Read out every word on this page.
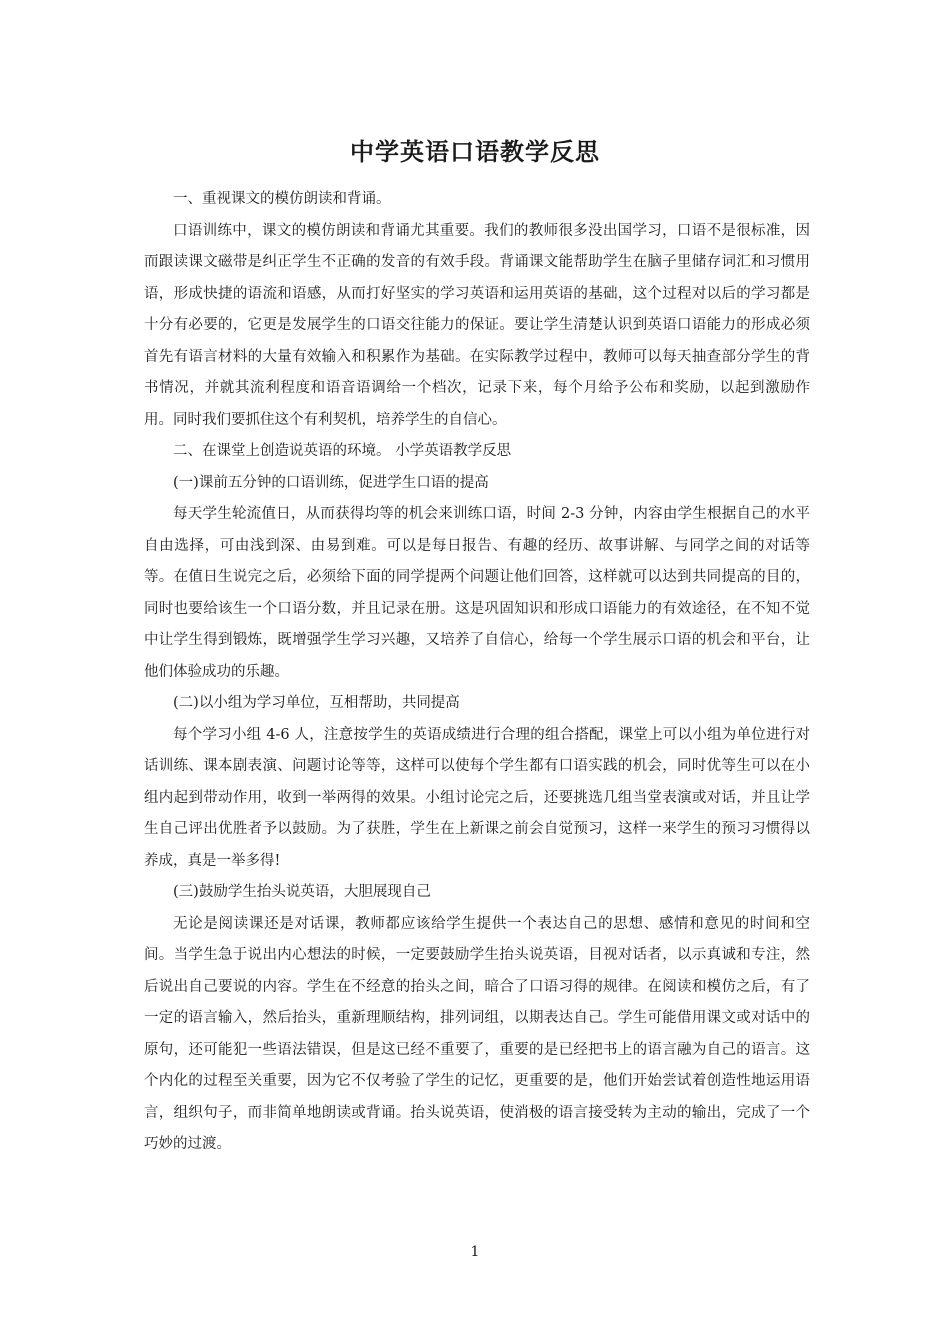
中学英语口语教学反思

一、重视课文的模仿朗读和背诵。

口语训练中，课文的模仿朗读和背诵尤其重要。我们的教师很多没出国学习，口语不是很标准，因而跟读课文磁带是纠正学生不正确的发音的有效手段。背诵课文能帮助学生在脑子里储存词汇和习惯用语，形成快捷的语流和语感，从而打好坚实的学习英语和运用英语的基础，这个过程对以后的学习都是十分有必要的，它更是发展学生的口语交往能力的保证。要让学生清楚认识到英语口语能力的形成必须首先有语言材料的大量有效输入和积累作为基础。在实际教学过程中，教师可以每天抽查部分学生的背书情况，并就其流利程度和语音语调给一个档次，记录下来，每个月给予公布和奖励，以起到激励作用。同时我们要抓住这个有利契机，培养学生的自信心。

二、在课堂上创造说英语的环境。 小学英语教学反思

(一)课前五分钟的口语训练，促进学生口语的提高

每天学生轮流值日，从而获得均等的机会来训练口语，时间 2-3 分钟，内容由学生根据自己的水平自由选择，可由浅到深、由易到难。可以是每日报告、有趣的经历、故事讲解、与同学之间的对话等等。在值日生说完之后，必须给下面的同学提两个问题让他们回答，这样就可以达到共同提高的目的，同时也要给该生一个口语分数，并且记录在册。这是巩固知识和形成口语能力的有效途径，在不知不觉中让学生得到锻炼，既增强学生学习兴趣，又培养了自信心，给每一个学生展示口语的机会和平台，让他们体验成功的乐趣。

(二)以小组为学习单位，互相帮助，共同提高

每个学习小组 4-6 人，注意按学生的英语成绩进行合理的组合搭配，课堂上可以小组为单位进行对话训练、课本剧表演、问题讨论等等，这样可以使每个学生都有口语实践的机会，同时优等生可以在小组内起到带动作用，收到一举两得的效果。小组讨论完之后，还要挑选几组当堂表演或对话，并且让学生自己评出优胜者予以鼓励。为了获胜，学生在上新课之前会自觉预习，这样一来学生的预习习惯得以养成，真是一举多得!

(三)鼓励学生抬头说英语，大胆展现自己

无论是阅读课还是对话课，教师都应该给学生提供一个表达自己的思想、感情和意见的时间和空间。当学生急于说出内心想法的时候，一定要鼓励学生抬头说英语，目视对话者，以示真诚和专注，然后说出自己要说的内容。学生在不经意的抬头之间，暗合了口语习得的规律。在阅读和模仿之后，有了一定的语言输入，然后抬头，重新理顺结构，排列词组，以期表达自己。学生可能借用课文或对话中的原句，还可能犯一些语法错误，但是这已经不重要了，重要的是已经把书上的语言融为自己的语言。这个内化的过程至关重要，因为它不仅考验了学生的记忆，更重要的是，他们开始尝试着创造性地运用语言，组织句子，而非简单地朗读或背诵。抬头说英语，使消极的语言接受转为主动的输出，完成了一个巧妙的过渡。

1
